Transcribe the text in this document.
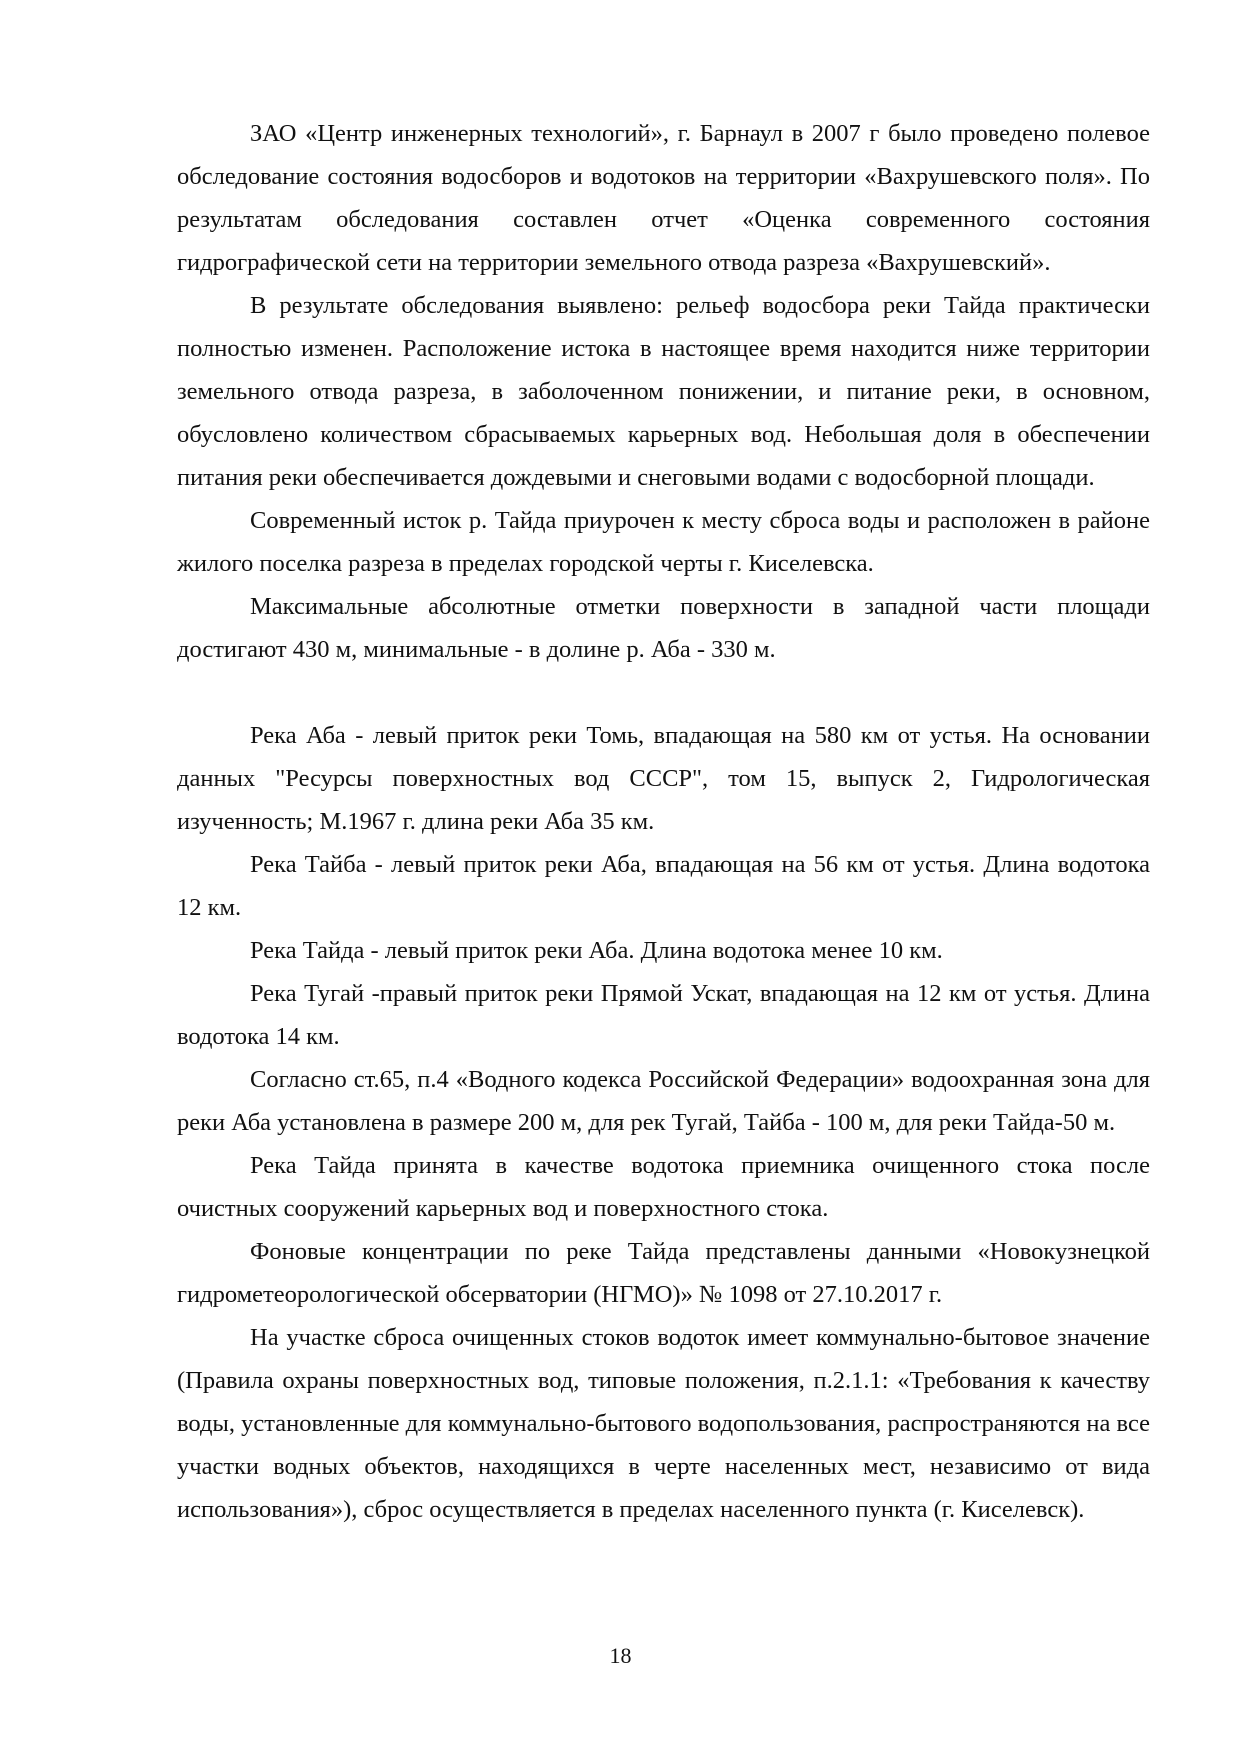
ЗАО «Центр инженерных технологий», г. Барнаул в 2007 г было проведено полевое обследование состояния водосборов и водотоков на территории «Вахрушевского поля». По результатам обследования составлен отчет «Оценка современного состояния гидрографической сети на территории земельного отвода разреза «Вахрушевский».

В результате обследования выявлено: рельеф водосбора реки Тайда практически полностью изменен. Расположение истока в настоящее время находится ниже территории земельного отвода разреза, в заболоченном понижении, и питание реки, в основном, обусловлено количеством сбрасываемых карьерных вод. Небольшая доля в обеспечении питания реки обеспечивается дождевыми и снеговыми водами с водосборной площади.

Современный исток р. Тайда приурочен к месту сброса воды и расположен в районе жилого поселка разреза в пределах городской черты г. Киселевска.

Максимальные абсолютные отметки поверхности в западной части площади достигают 430 м, минимальные - в долине р. Аба - 330 м.

Река Аба - левый приток реки Томь, впадающая на 580 км от устья. На основании данных "Ресурсы поверхностных вод СССР", том 15, выпуск 2, Гидрологическая изученность; М.1967 г. длина реки Аба 35 км.

Река Тайба - левый приток реки Аба, впадающая на 56 км от устья. Длина водотока 12 км.

Река Тайда - левый приток реки Аба. Длина водотока менее 10 км.

Река Тугай -правый приток реки Прямой Ускат, впадающая на 12 км от устья. Длина водотока 14 км.

Согласно ст.65, п.4 «Водного кодекса Российской Федерации» водоохранная зона для реки Аба установлена в размере 200 м, для рек Тугай, Тайба - 100 м, для реки Тайда-50 м.

Река Тайда принята в качестве водотока приемника очищенного стока после очистных сооружений карьерных вод и поверхностного стока.

Фоновые концентрации по реке Тайда представлены данными «Новокузнецкой гидрометеорологической обсерватории (НГМО)» № 1098 от 27.10.2017 г.

На участке сброса очищенных стоков водоток имеет коммунально-бытовое значение (Правила охраны поверхностных вод, типовые положения, п.2.1.1: «Требования к качеству воды, установленные для коммунально-бытового водопользования, распространяются на все участки водных объектов, находящихся в черте населенных мест, независимо от вида использования»), сброс осуществляется в пределах населенного пункта (г. Киселевск).

18
